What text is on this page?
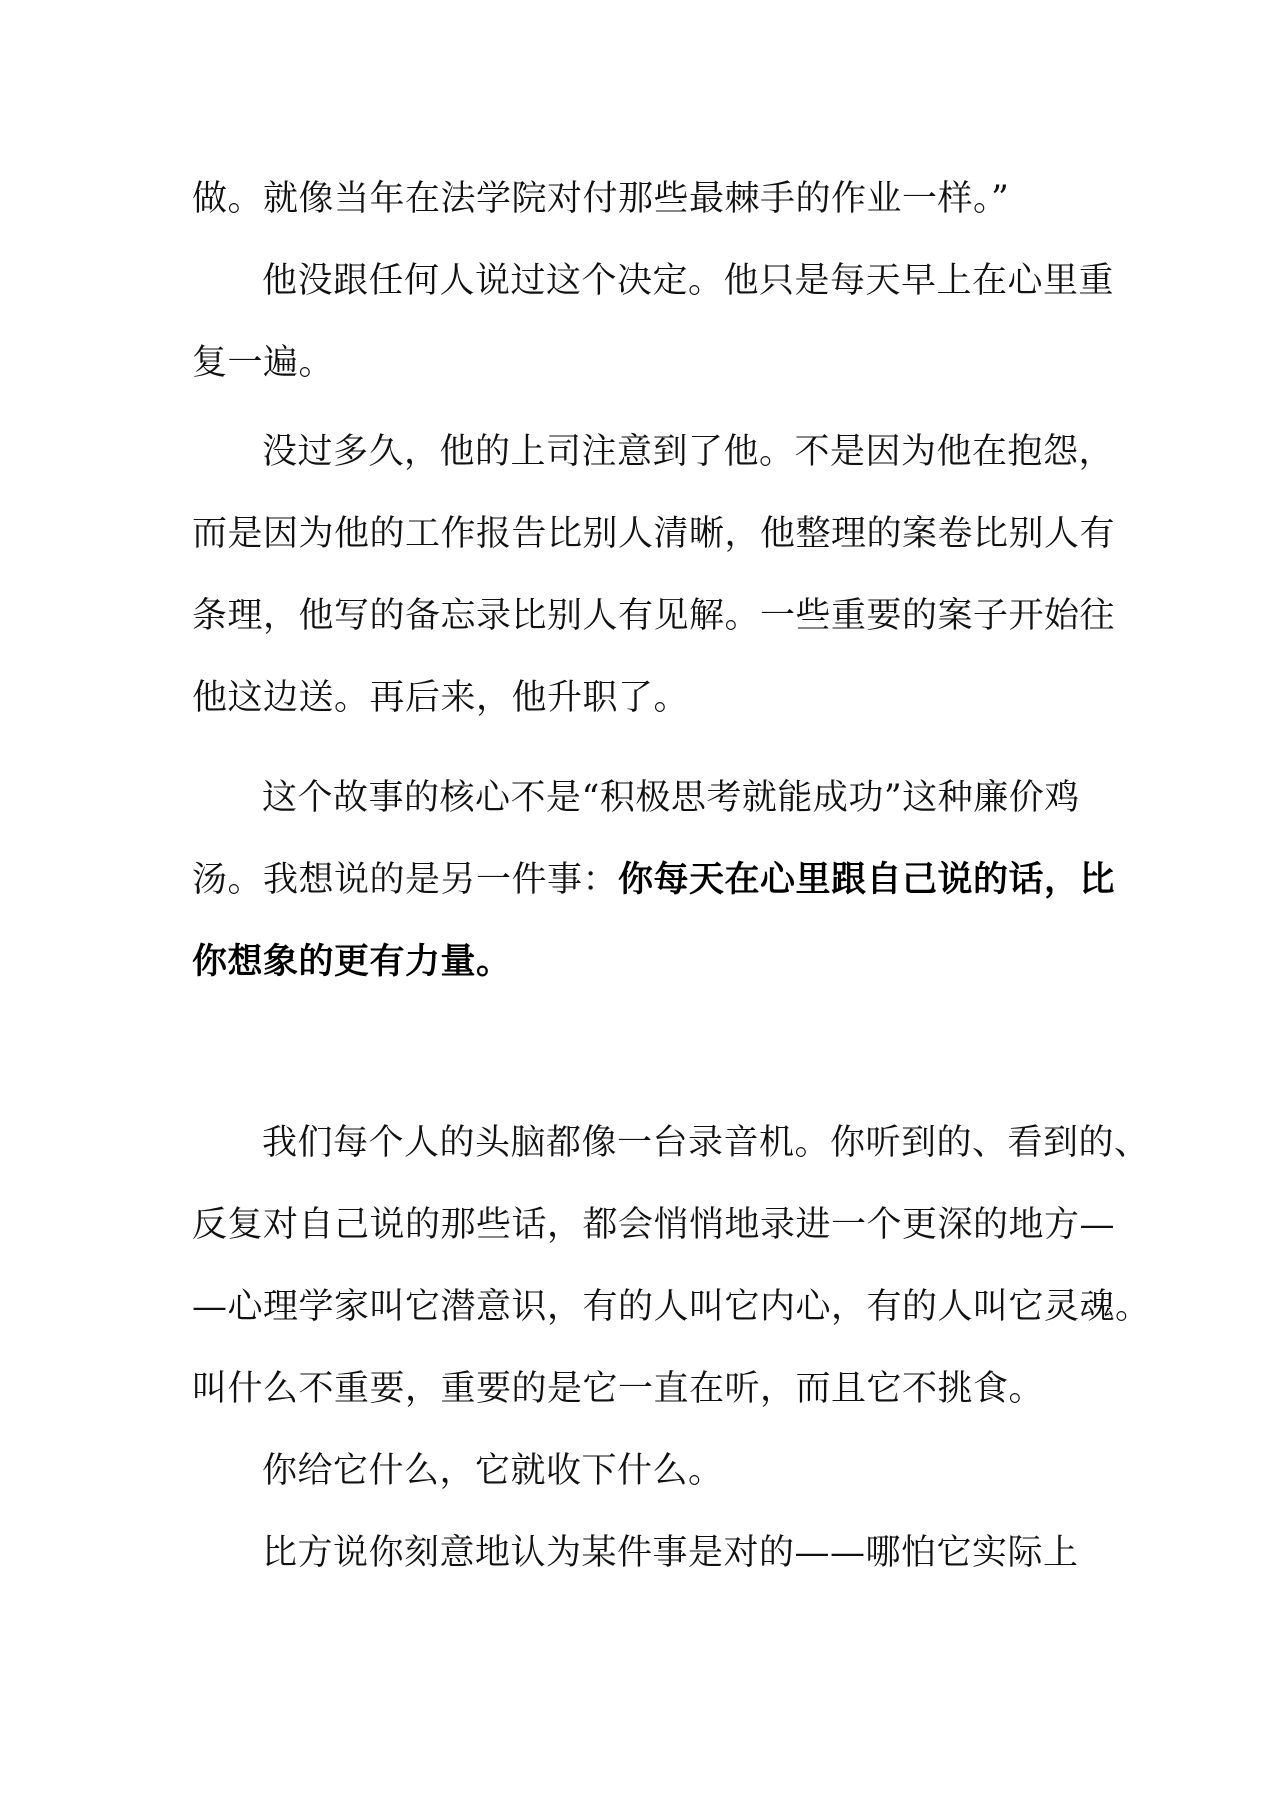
做。就像当年在法学院对付那些最棘手的作业一样。”
他没跟任何人说过这个决定。他只是每天早上在心里重
复一遍。
没过多久，他的上司注意到了他。不是因为他在抱怨，
而是因为他的工作报告比别人清晰，他整理的案卷比别人有
条理，他写的备忘录比别人有见解。一些重要的案子开始往
他这边送。再后来，他升职了。
这个故事的核心不是“积极思考就能成功”这种廉价鸡
汤。我想说的是另一件事：你每天在心里跟自己说的话，比
你想象的更有力量。
我们每个人的头脑都像一台录音机。你听到的、看到的、
反复对自己说的那些话，都会悄悄地录进一个更深的地方—
—心理学家叫它潜意识，有的人叫它内心，有的人叫它灵魂。
叫什么不重要，重要的是它一直在听，而且它不挑食。
你给它什么，它就收下什么。
比方说你刻意地认为某件事是对的——哪怕它实际上
